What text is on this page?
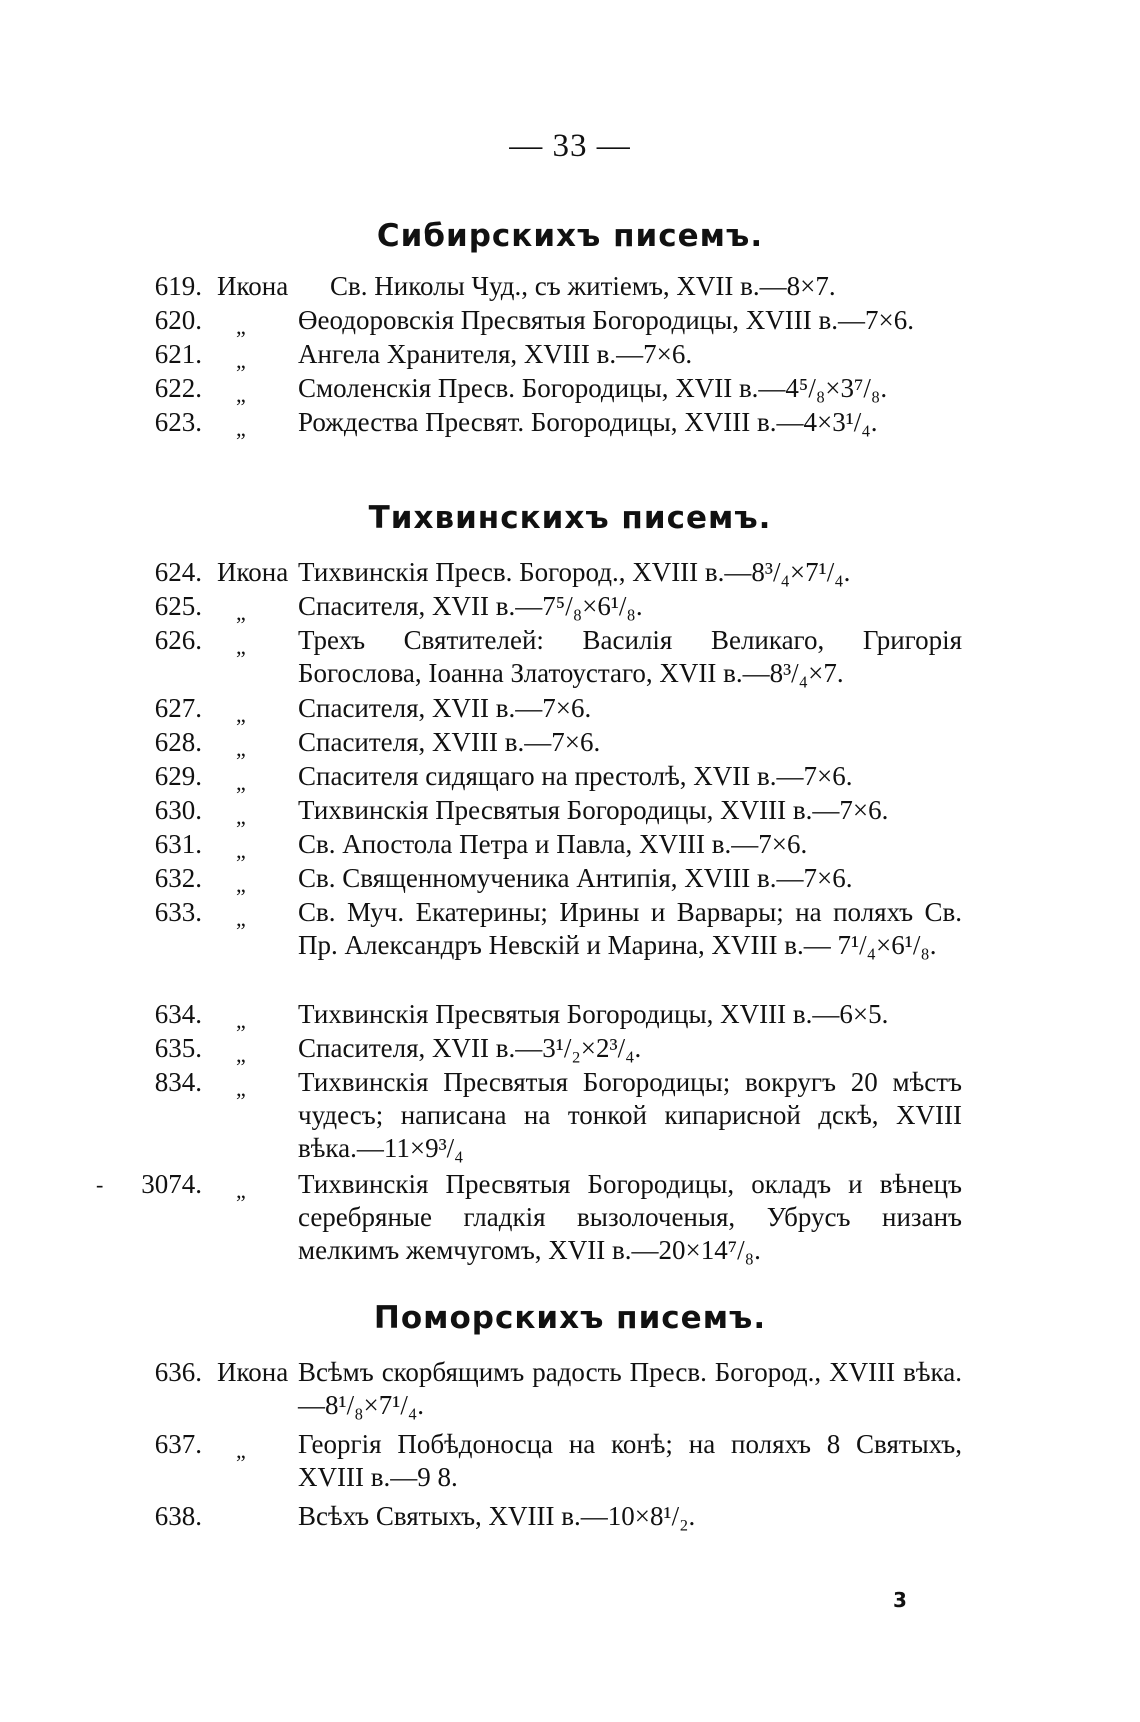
— 33 —
Сибирскихъ писемъ.
619. Икона Св. Николы Чуд., съ житіемъ, XVII в.—8×7.
620. „ Өеодоровскія Пресвятыя Богородицы, XVIII в.—7×6.
621. „ Ангела Хранителя, XVIII в.—7×6.
622. „ Смоленскія Пресв. Богородицы, XVII в.—4⁵/₈×3⁷/₈.
623. „ Рождества Пресвят. Богородицы, XVIII в.—4×3¹/₄.
Тихвинскихъ писемъ.
624. Икона Тихвинскія Пресв. Богород., XVIII в.—8³/₄×7¹/₄.
625. „ Спасителя, XVII в.—7⁵/₈×6¹/₈.
626. „ Трехъ Святителей: Василія Великаго, Григорія Богослова, Іоанна Златоустаго, XVII в.—8³/₄×7.
627. „ Спасителя, XVII в.—7×6.
628. „ Спасителя, XVIII в.—7×6.
629. „ Спасителя сидящаго на престолѣ, XVII в.—7×6.
630. „ Тихвинскія Пресвятыя Богородицы, XVIII в.—7×6.
631. „ Св. Апостола Петра и Павла, XVIII в.—7×6.
632. „ Св. Священномученика Антипія, XVIII в.—7×6.
633. „ Св. Муч. Екатерины; Ирины и Варвары; на поляхъ Св. Пр. Александръ Невскій и Марина, XVIII в.— 7¹/₄×6¹/₈.
634. „ Тихвинскія Пресвятыя Богородицы, XVIII в.—6×5.
635. „ Спасителя, XVII в.—3¹/₂×2³/₄.
834. „ Тихвинскія Пресвятыя Богородицы; вокругъ 20 мѣстъ чудесъ; написана на тонкой кипарисной дскѣ, XVIII вѣка.—11×9³/₄
-	3074. „ Тихвинскія Пресвятыя Богородицы, окладъ и вѣнецъ серебряные гладкія вызолоченыя, Убрусъ низанъ мелкимъ жемчугомъ, XVII в.—20×14⁷/₈.
Поморскихъ писемъ.
636. Икона Всѣмъ скорбящимъ радость Пресв. Богород., XVIII вѣка.—8¹/₈×7¹/₄.
637. „ Георгія Побѣдоносца на конѣ; на поляхъ 8 Святыхъ, XVIII в.—9 8.
638.	Всѣхъ Святыхъ, XVIII в.—10×8¹/₂.
3
